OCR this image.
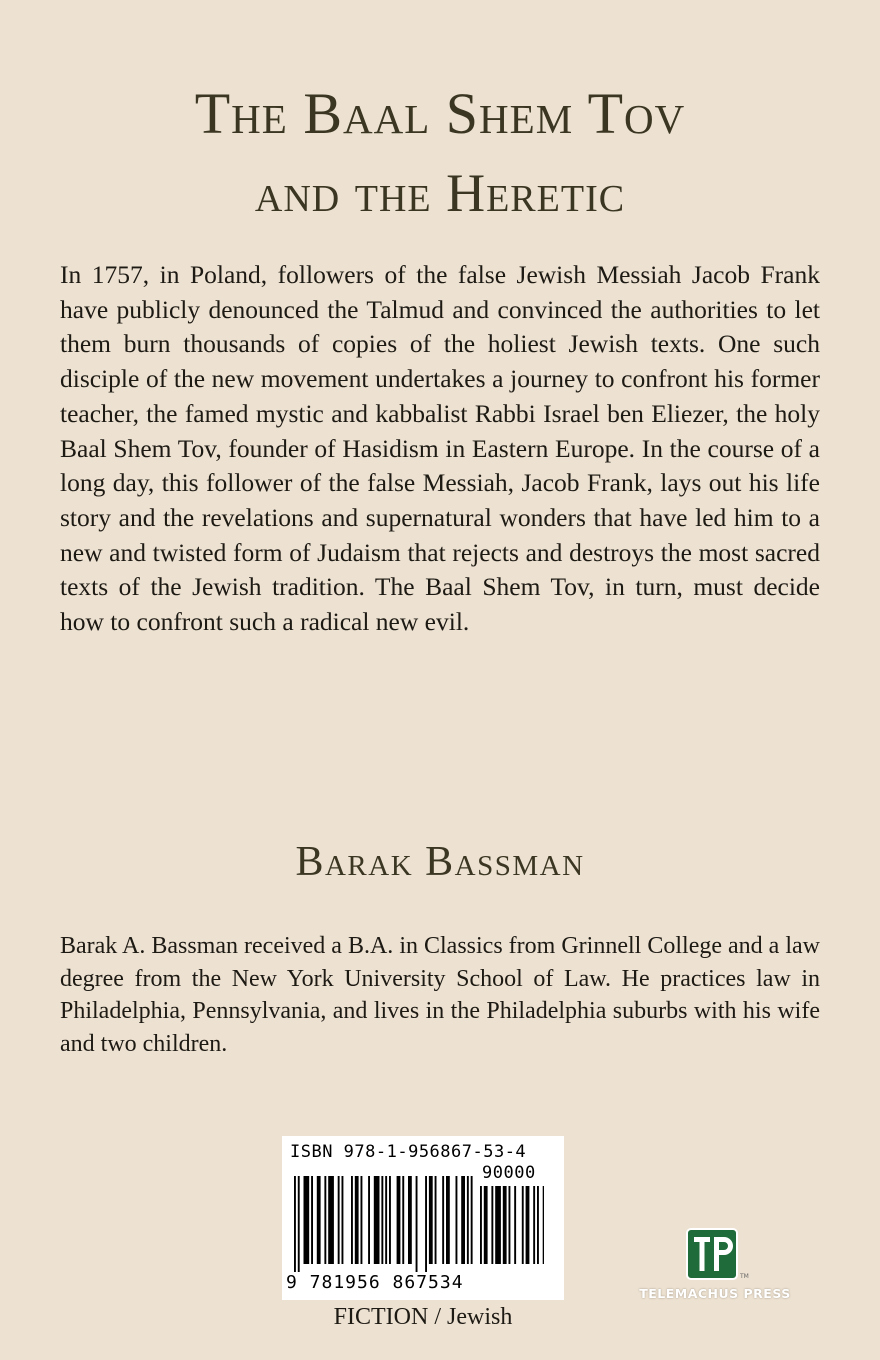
The Baal Shem Tov
and the Heretic

In 1757, in Poland, followers of the false Jewish Messiah Jacob Frank have publicly denounced the Talmud and convinced the authorities to let them burn thousands of copies of the holiest Jewish texts. One such disciple of the new movement undertakes a journey to confront his former teacher, the famed mystic and kabbalist Rabbi Israel ben Eliezer, the holy Baal Shem Tov, founder of Hasidism in Eastern Europe. In the course of a long day, this follower of the false Messiah, Jacob Frank, lays out his life story and the revelations and supernatural wonders that have led him to a new and twisted form of Judaism that rejects and destroys the most sacred texts of the Jewish tradition. The Baal Shem Tov, in turn, must decide how to confront such a radical new evil.

Barak Bassman

Barak A. Bassman received a B.A. in Classics from Grinnell College and a law degree from the New York University School of Law. He practices law in Philadelphia, Pennsylvania, and lives in the Philadelphia suburbs with his wife and two children.

ISBN 978-1-956867-53-4
90000
9 781956 867534
FICTION / Jewish
TM
TELEMACHUS PRESS
